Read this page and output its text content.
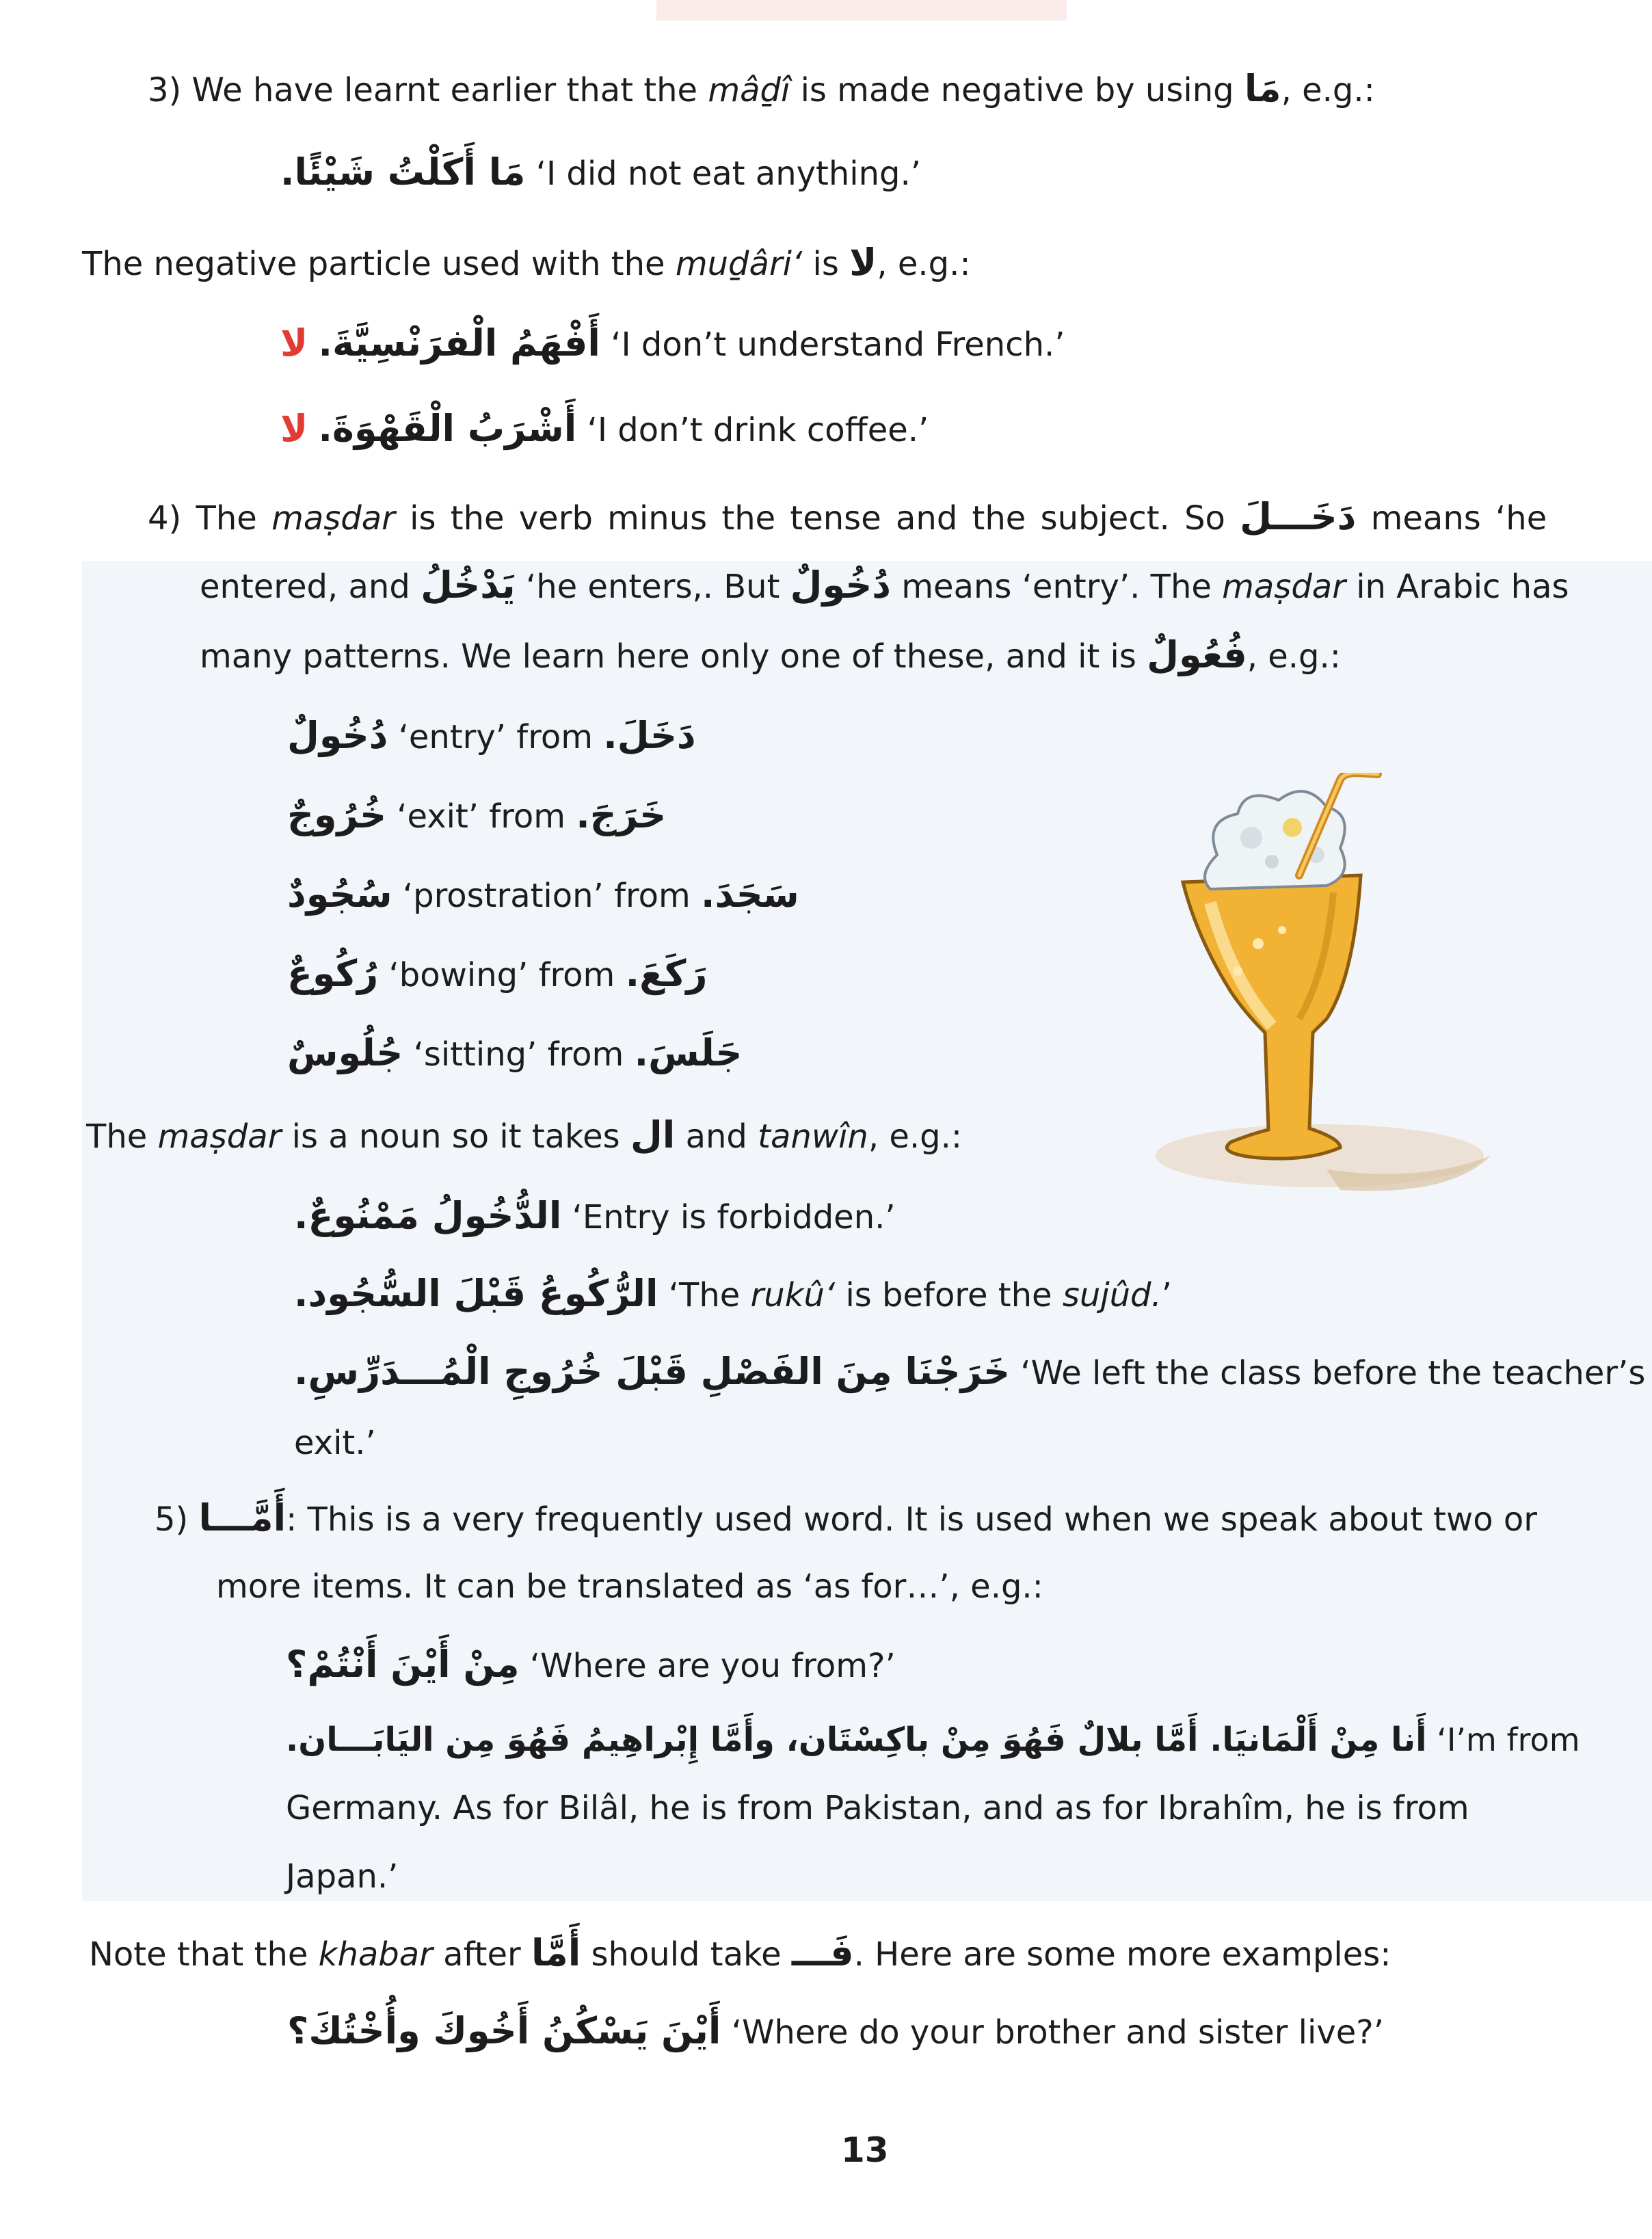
3) We have learnt earlier that the mâḏî is made negative by using مَا, e.g.:
مَا أَكَلْتُ شَيْئًا. ‘I did not eat anything.’
The negative particle used with the muḏâri‘ is لا, e.g.:
أَفْهَمُ الْفرَنْسِيَّةَ. لا	‘I don’t understand French.’
أَشْرَبُ الْقَهْوَةَ. لا	‘I don’t drink coffee.’
4) The maṣdar is the verb minus the tense and the subject. So دَخَـــلَ means ‘he
entered, and يَدْخُلُ ‘he enters,. But دُخُولٌ means ‘entry’. The maṣdar in Arabic has
many patterns. We learn here only one of these, and it is فُعُولٌ, e.g.:
دُخُولٌ ‘entry’ from دَخَلَ.
خُرُوجٌ ‘exit’ from خَرَجَ.
سُجُودٌ ‘prostration’ from سَجَدَ.
رُكُوعٌ ‘bowing’ from رَكَعَ.
جُلُوسٌ ‘sitting’ from جَلَسَ.
The maṣdar is a noun so it takes ال and tanwîn, e.g.:
الدُّخُولُ مَمْنُوعٌ. ‘Entry is forbidden.’
الرُّكُوعُ قَبْلَ السُّجُود. ‘The rukû‘ is before the sujûd.’
خَرَجْنَا مِنَ الفَصْلِ قَبْلَ خُرُوجِ الْمُـــدَرِّسِ. ‘We left the class before the teacher’s
exit.’
5) أَمَّـــا: This is a very frequently used word. It is used when we speak about two or
more items. It can be translated as ‘as for…’, e.g.:
مِنْ أَيْنَ أَنْتُمْ؟ ‘Where are you from?’
أَنا مِنْ أَلْمَانيَا. أَمَّا بلالٌ فَهُوَ مِنْ باكِسْتَان، وأَمَّا إِبْراهِيمُ فَهُوَ مِن اليَابَـــان. ‘I’m from
Germany. As for Bilâl, he is from Pakistan, and as for Ibrahîm, he is from
Japan.’
Note that the khabar after أَمَّا should take فَـــ. Here are some more examples:
أَيْنَ يَسْكُنُ أَخُوكَ وأُخْتُكَ؟ ‘Where do your brother and sister live?’
13
